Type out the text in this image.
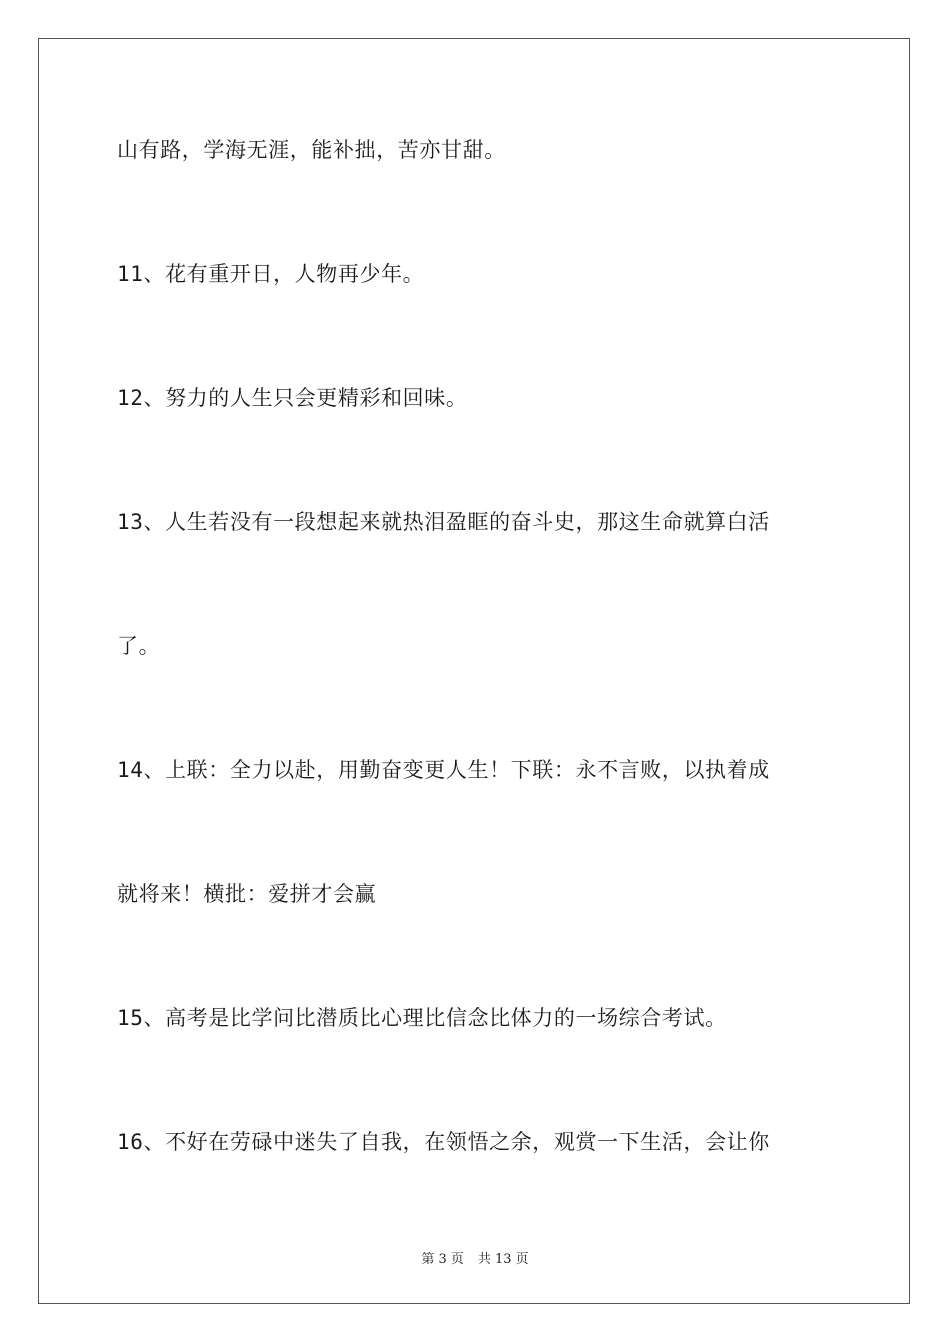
山有路，学海无涯，能补拙，苦亦甘甜。
11、花有重开日，人物再少年。
12、努力的人生只会更精彩和回味。
13、人生若没有一段想起来就热泪盈眶的奋斗史，那这生命就算白活
了。
14、上联：全力以赴，用勤奋变更人生！下联：永不言败，以执着成
就将来！横批：爱拼才会赢
15、高考是比学问比潜质比心理比信念比体力的一场综合考试。
16、不好在劳碌中迷失了自我，在领悟之余，观赏一下生活，会让你
第 3 页 共 13 页
